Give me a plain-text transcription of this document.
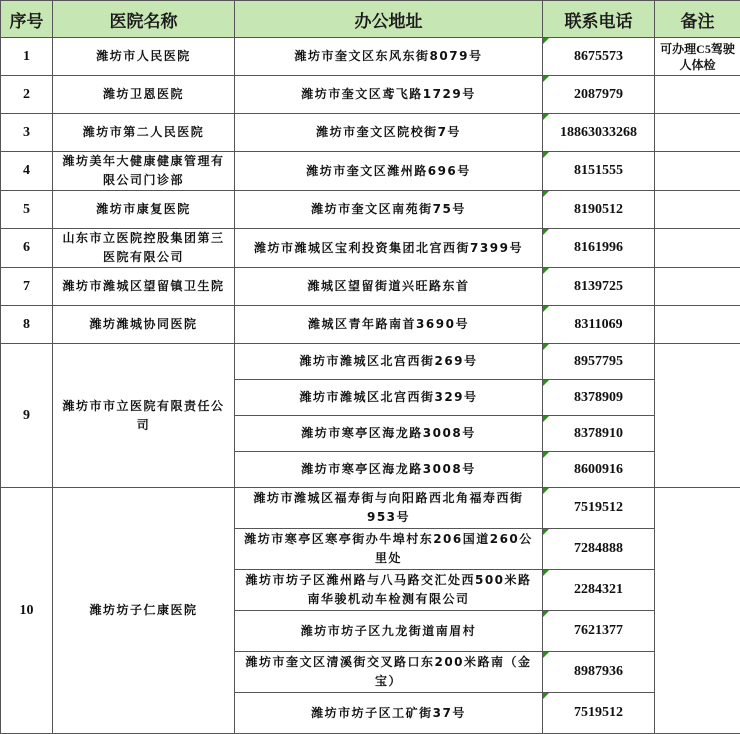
序号	医院名称	办公地址	联系电话	备注
1	潍坊市人民医院	潍坊市奎文区东风东街8079号	8675573	可办理C5驾驶人体检

2	潍坊卫恩医院	潍坊市奎文区鸢飞路1729号	2087979	

3	潍坊市第二人民医院	潍坊市奎文区院校街7号	18863033268	

4	潍坊美年大健康健康管理有限公司门诊部	潍坊市奎文区潍州路696号	8151555	

5	潍坊市康复医院	潍坊市奎文区南苑街75号	8190512	

6	山东市立医院控股集团第三医院有限公司	潍坊市潍城区宝利投资集团北宫西街7399号	8161996	

7	潍坊市潍城区望留镇卫生院	潍城区望留街道兴旺路东首	8139725	

8	潍坊潍城协同医院	潍城区青年路南首3690号	8311069	

9	潍坊市市立医院有限责任公司	潍坊市潍城区北宫西街269号	8957795	

		潍坊市潍城区北宫西街329号	8378909	

		潍坊市寒亭区海龙路3008号	8378910	

		潍坊市寒亭区海龙路3008号	8600916	

10	潍坊坊子仁康医院	潍坊市潍城区福寿街与向阳路西北角福寿西街953号	7519512	

		潍坊市寒亭区寒亭街办牛埠村东206国道260公里处	7284888	

		潍坊市坊子区潍州路与八马路交汇处西500米路南华骏机动车检测有限公司	2284321	

		潍坊市坊子区九龙街道南眉村	7621377	

		潍坊市奎文区清溪街交叉路口东200米路南（金宝）	8987936	

		潍坊市坊子区工矿街37号	7519512	
